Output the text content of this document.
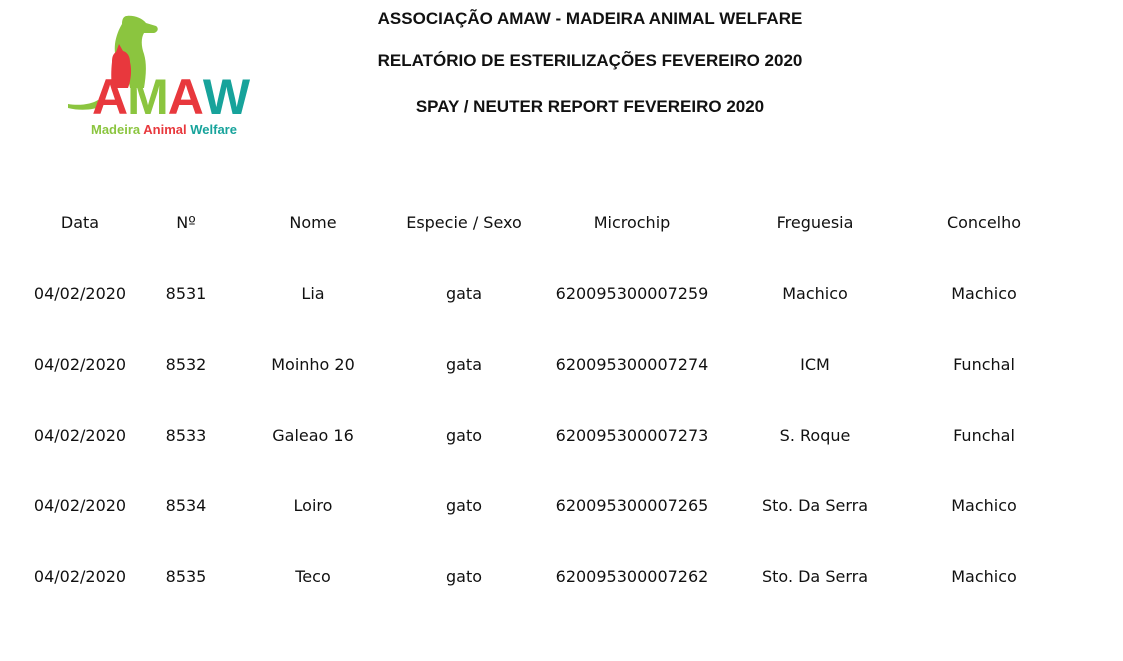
AMAW
Madeira Animal Welfare
ASSOCIAÇÃO AMAW - MADEIRA ANIMAL WELFARE
RELATÓRIO DE ESTERILIZAÇÕES FEVEREIRO 2020
SPAY / NEUTER REPORT FEVEREIRO 2020
Data	Nº	Nome	Especie / Sexo	Microchip	Freguesia	Concelho
04/02/2020	8531	Lia	gata	620095300007259	Machico	Machico
04/02/2020	8532	Moinho 20	gata	620095300007274	ICM	Funchal
04/02/2020	8533	Galeao 16	gato	620095300007273	S. Roque	Funchal
04/02/2020	8534	Loiro	gato	620095300007265	Sto. Da Serra	Machico
04/02/2020	8535	Teco	gato	620095300007262	Sto. Da Serra	Machico
